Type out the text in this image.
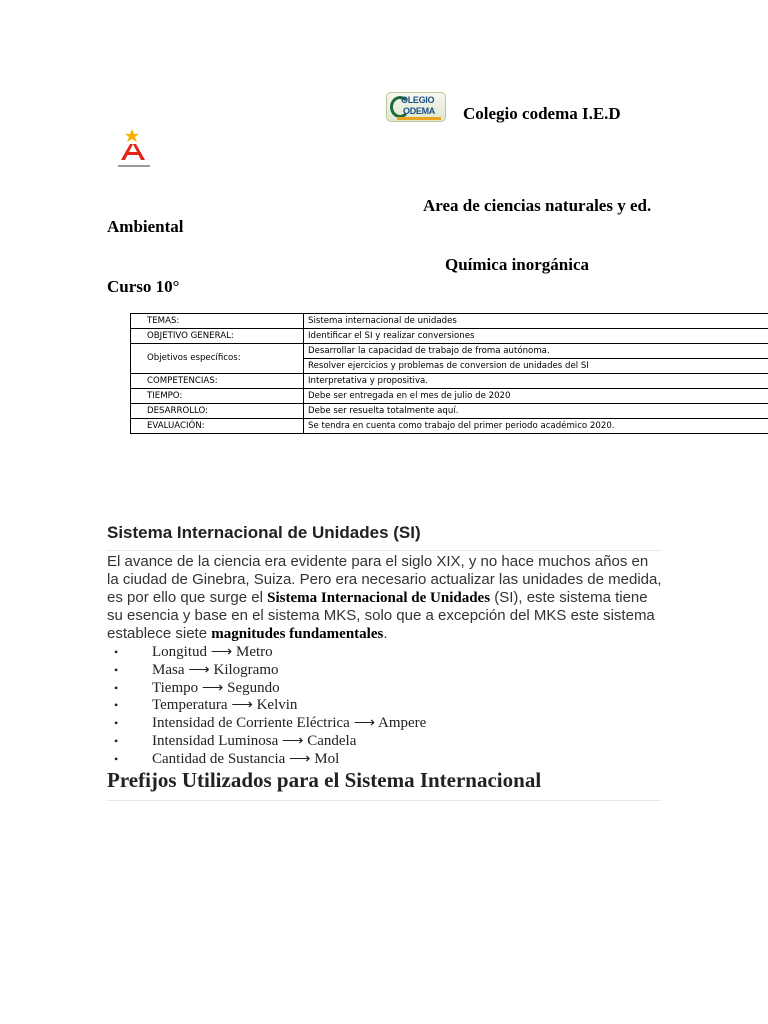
OLEGIO
ODEMA Colegio codema I.E.D
Area de ciencias naturales y ed.
Ambiental
Química inorgánica
Curso 10°
TEMAS:	Sistema internacional de unidades
OBJETIVO GENERAL:	Identificar el SI y realizar conversiones
Objetivos específicos:	Desarrollar la capacidad de trabajo de froma autónoma.
	Resolver ejercicios y problemas de conversion de unidades del SI
COMPETENCIAS:	Interpretativa y propositiva.
TIEMPO:	Debe ser entregada en el mes de julio de 2020
DESARROLLO:	Debe ser resuelta totalmente aquí.
EVALUACIÓN:	Se tendra en cuenta como trabajo del primer periodo académico 2020.
Sistema Internacional de Unidades (SI)
El avance de la ciencia era evidente para el siglo XIX, y no hace muchos años en la ciudad de Ginebra, Suiza. Pero era necesario actualizar las unidades de medida, es por ello que surge el Sistema Internacional de Unidades (SI), este sistema tiene su esencia y base en el sistema MKS, solo que a excepción del MKS este sistema establece siete magnitudes fundamentales.
• Longitud ⟶ Metro
• Masa ⟶ Kilogramo
• Tiempo ⟶ Segundo
• Temperatura ⟶ Kelvin
• Intensidad de Corriente Eléctrica ⟶ Ampere
• Intensidad Luminosa ⟶ Candela
• Cantidad de Sustancia ⟶ Mol
Prefijos Utilizados para el Sistema Internacional
